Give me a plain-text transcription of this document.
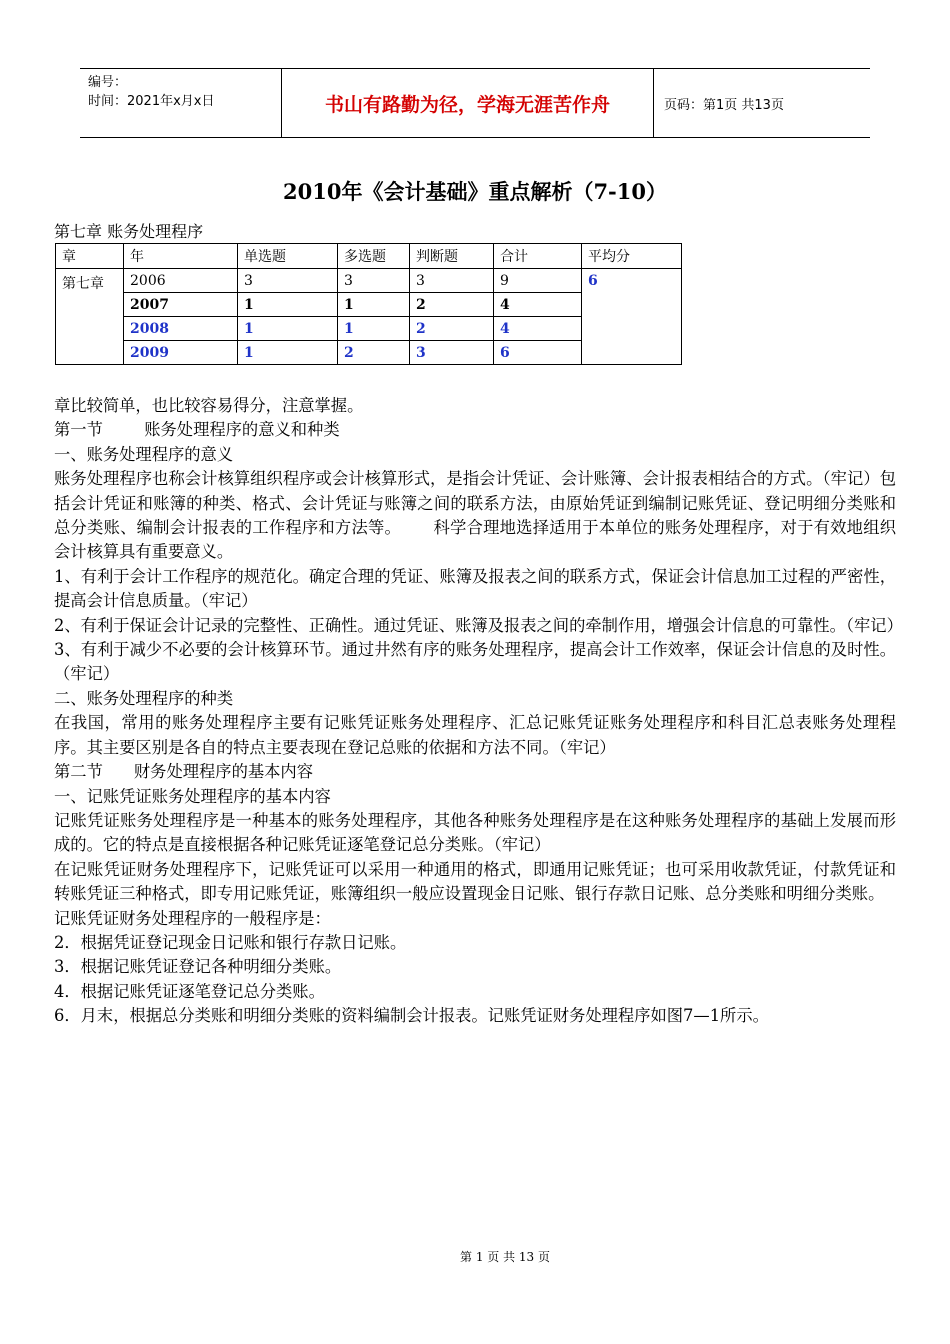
编号：
时间：2021年x月x日	书山有路勤为径，学海无涯苦作舟	页码：第1页 共13页
2010年《会计基础》重点解析（7-10）
第七章 账务处理程序
章	年	单选题	多选题	判断题	合计	平均分
第七章	2006	3	3	3	9	6
	2007	1	1	2	4	
	2008	1	1	2	4	
	2009	1	2	3	6	

章比较简单，也比较容易得分，注意掌握。

第一节        账务处理程序的意义和种类

一、账务处理程序的意义

账务处理程序也称会计核算组织程序或会计核算形式，是指会计凭证、会计账簿、会计报表相结合的方式。（牢记）包括会计凭证和账簿的种类、格式、会计凭证与账簿之间的联系方法，由原始凭证到编制记账凭证、登记明细分类账和总分类账、编制会计报表的工作程序和方法等。      科学合理地选择适用于本单位的账务处理程序，对于有效地组织会计核算具有重要意义。

1、有利于会计工作程序的规范化。确定合理的凭证、账簿及报表之间的联系方式，保证会计信息加工过程的严密性，提高会计信息质量。（牢记）

2、有利于保证会计记录的完整性、正确性。通过凭证、账簿及报表之间的牵制作用，增强会计信息的可靠性。（牢记）

3、有利于减少不必要的会计核算环节。通过井然有序的账务处理程序，提高会计工作效率，保证会计信息的及时性。（牢记）

二、账务处理程序的种类

在我国，常用的账务处理程序主要有记账凭证账务处理程序、汇总记账凭证账务处理程序和科目汇总表账务处理程序。其主要区别是各自的特点主要表现在登记总账的依据和方法不同。（牢记）

第二节      财务处理程序的基本内容

一、记账凭证账务处理程序的基本内容

记账凭证账务处理程序是一种基本的账务处理程序，其他各种账务处理程序是在这种账务处理程序的基础上发展而形成的。它的特点是直接根据各种记账凭证逐笔登记总分类账。（牢记）

在记账凭证财务处理程序下，记账凭证可以采用一种通用的格式，即通用记账凭证；也可采用收款凭证，付款凭证和转账凭证三种格式，即专用记账凭证，账簿组织一般应设置现金日记账、银行存款日记账、总分类账和明细分类账。

记账凭证财务处理程序的一般程序是：

2．根据凭证登记现金日记账和银行存款日记账。

3．根据记账凭证登记各种明细分类账。

4．根据记账凭证逐笔登记总分类账。

6．月末，根据总分类账和明细分类账的资料编制会计报表。记账凭证财务处理程序如图7—1所示。

第 1 页 共 13 页
